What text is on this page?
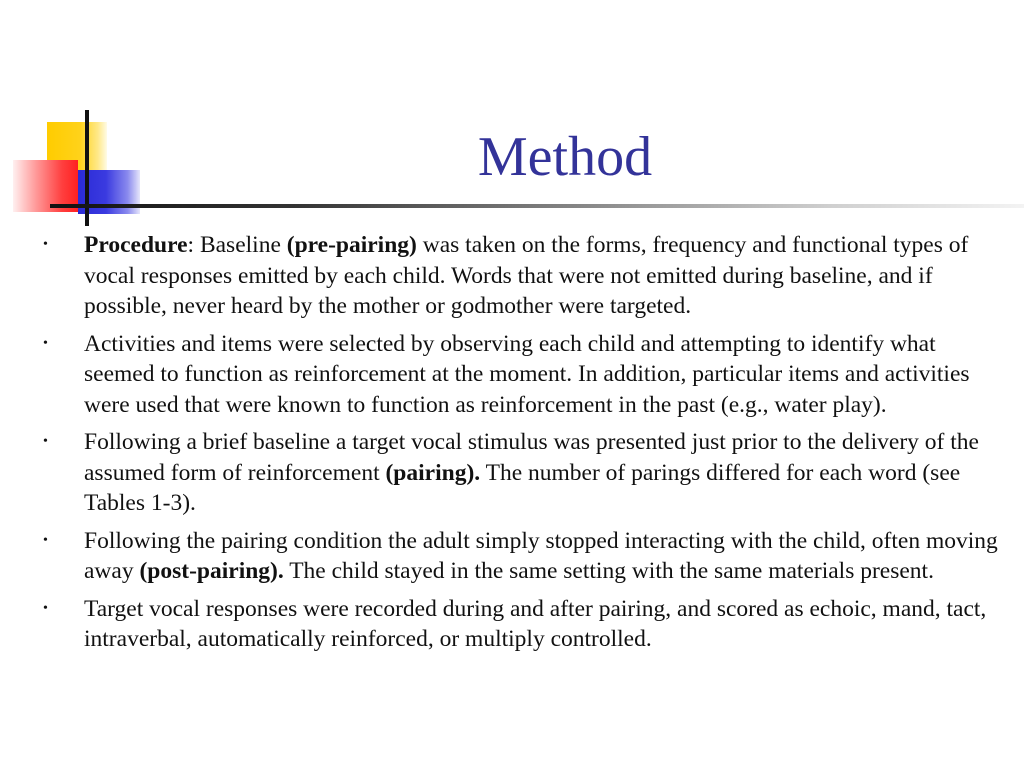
Method
• Procedure: Baseline (pre-pairing) was taken on the forms, frequency and functional types of vocal responses emitted by each child. Words that were not emitted during baseline, and if possible, never heard by the mother or godmother were targeted.
• Activities and items were selected by observing each child and attempting to identify what seemed to function as reinforcement at the moment. In addition, particular items and activities were used that were known to function as reinforcement in the past (e.g., water play).
• Following a brief baseline a target vocal stimulus was presented just prior to the delivery of the assumed form of reinforcement (pairing). The number of parings differed for each word (see Tables 1-3).
• Following the pairing condition the adult simply stopped interacting with the child, often moving away (post-pairing). The child stayed in the same setting with the same materials present.
• Target vocal responses were recorded during and after pairing, and scored as echoic, mand, tact, intraverbal, automatically reinforced, or multiply controlled.
